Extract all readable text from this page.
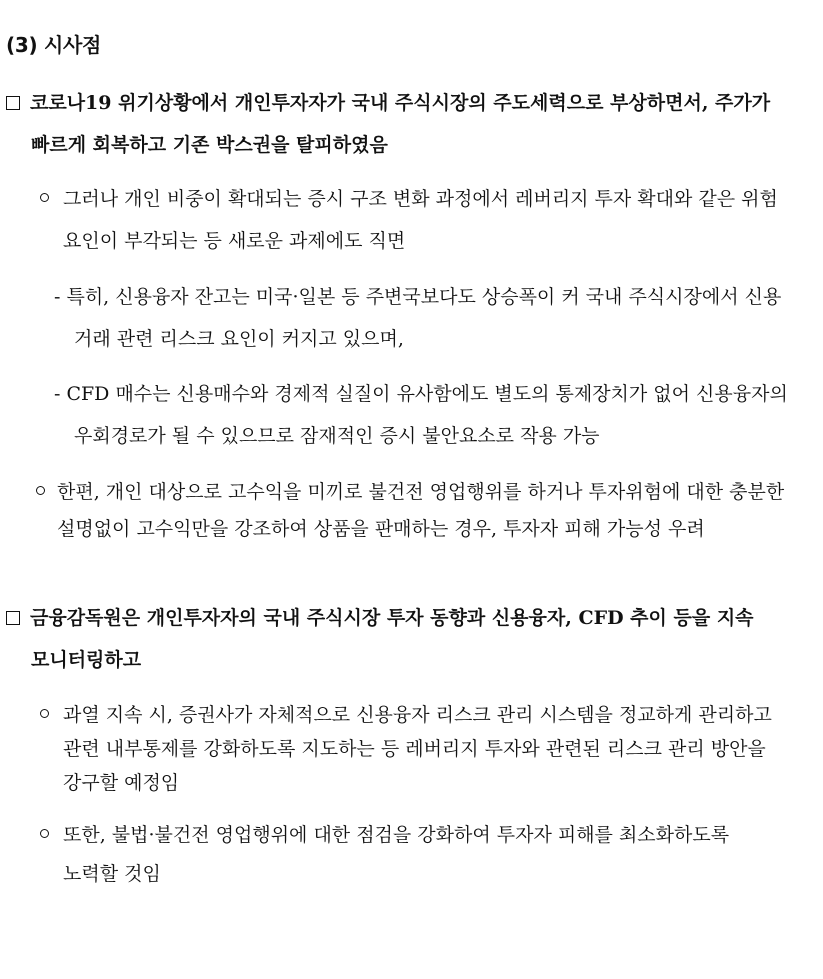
(3) 시사점
코로나19 위기상황에서 개인투자자가 국내 주식시장의 주도세력으로 부상하면서, 주가가
빠르게 회복하고 기존 박스권을 탈피하였음
그러나 개인 비중이 확대되는 증시 구조 변화 과정에서 레버리지 투자 확대와 같은 위험
요인이 부각되는 등 새로운 과제에도 직면
- 특히, 신용융자 잔고는 미국·일본 등 주변국보다도 상승폭이 커 국내 주식시장에서 신용
거래 관련 리스크 요인이 커지고 있으며,
- CFD 매수는 신용매수와 경제적 실질이 유사함에도 별도의 통제장치가 없어 신용융자의
우회경로가 될 수 있으므로 잠재적인 증시 불안요소로 작용 가능
한편, 개인 대상으로 고수익을 미끼로 불건전 영업행위를 하거나 투자위험에 대한 충분한
설명없이 고수익만을 강조하여 상품을 판매하는 경우, 투자자 피해 가능성 우려
금융감독원은 개인투자자의 국내 주식시장 투자 동향과 신용융자, CFD 추이 등을 지속
모니터링하고
과열 지속 시, 증권사가 자체적으로 신용융자 리스크 관리 시스템을 정교하게 관리하고
관련 내부통제를 강화하도록 지도하는 등 레버리지 투자와 관련된 리스크 관리 방안을
강구할 예정임
또한, 불법·불건전 영업행위에 대한 점검을 강화하여 투자자 피해를 최소화하도록
노력할 것임
